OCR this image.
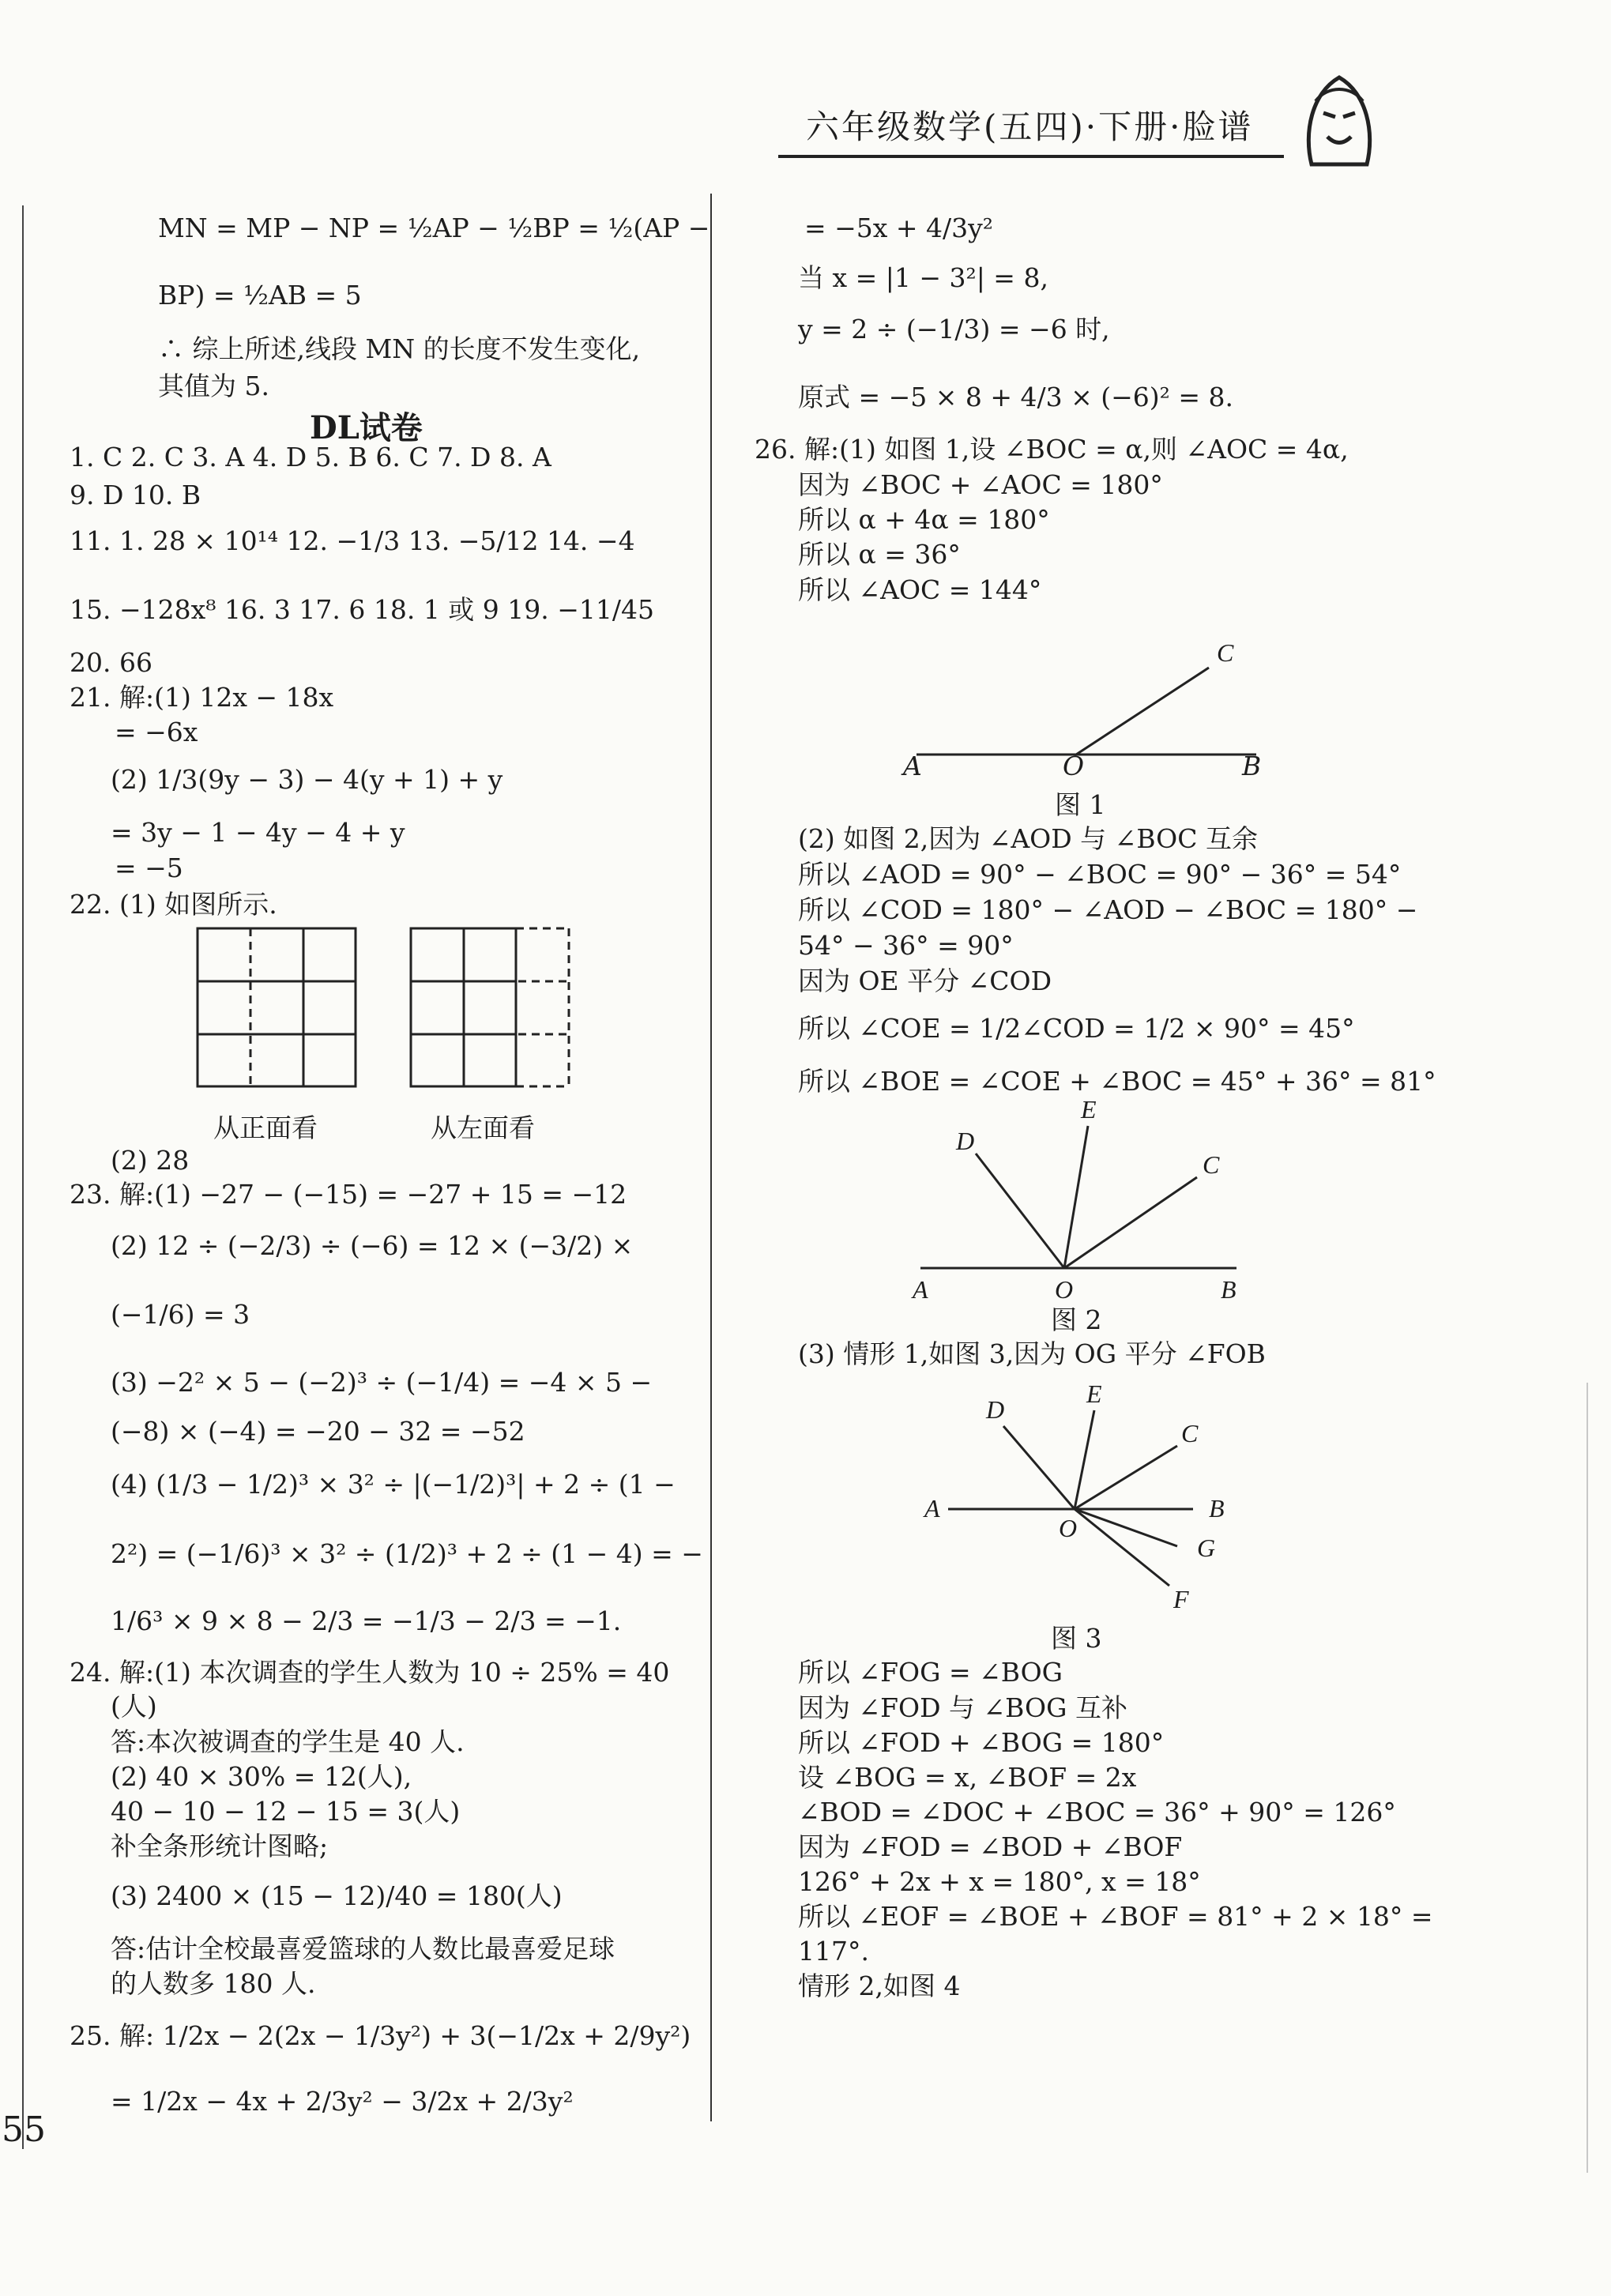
六年级数学(五四)·下册·脸谱
MN = MP − NP = ½AP − ½BP = ½(AP −
BP) = ½AB = 5
∴ 综上所述,线段 MN 的长度不发生变化,
其值为 5.
DL试卷
1. C 2. C 3. A 4. D 5. B 6. C 7. D 8. A
9. D 10. B
11. 1. 28 × 10¹⁴ 12. −1/3 13. −5/12 14. −4
15. −128x⁸ 16. 3 17. 6 18. 1 或 9 19. −11/45
20. 66
21. 解:(1) 12x − 18x
= −6x
(2) 1/3(9y − 3) − 4(y + 1) + y
= 3y − 1 − 4y − 4 + y
= −5
22. (1) 如图所示.
从正面看	从左面看
(2) 28
23. 解:(1) −27 − (−15) = −27 + 15 = −12
(2) 12 ÷ (−2/3) ÷ (−6) = 12 × (−3/2) ×
(−1/6) = 3
(3) −2² × 5 − (−2)³ ÷ (−1/4) = −4 × 5 −
(−8) × (−4) = −20 − 32 = −52
(4) (1/3 − 1/2)³ × 3² ÷ |(−1/2)³| + 2 ÷ (1 −
2²) = (−1/6)³ × 3² ÷ (1/2)³ + 2 ÷ (1 − 4) = −
1/6³ × 9 × 8 − 2/3 = −1/3 − 2/3 = −1.
24. 解:(1) 本次调查的学生人数为 10 ÷ 25% = 40
(人)
答:本次被调查的学生是 40 人.
(2) 40 × 30% = 12(人),
40 − 10 − 12 − 15 = 3(人)
补全条形统计图略;
(3) 2400 × (15 − 12)/40 = 180(人)
答:估计全校最喜爱篮球的人数比最喜爱足球
的人数多 180 人.
25. 解: 1/2x − 2(2x − 1/3y²) + 3(−1/2x + 2/9y²)
= 1/2x − 4x + 2/3y² − 3/2x + 2/3y²
55
= −5x + 4/3y²
当 x = |1 − 3²| = 8,
y = 2 ÷ (−1/3) = −6 时,
原式 = −5 × 8 + 4/3 × (−6)² = 8.
26. 解:(1) 如图 1,设 ∠BOC = α,则 ∠AOC = 4α,
因为 ∠BOC + ∠AOC = 180°
所以 α + 4α = 180°
所以 α = 36°
所以 ∠AOC = 144°
C
A	O	B
图 1
(2) 如图 2,因为 ∠AOD 与 ∠BOC 互余
所以 ∠AOD = 90° − ∠BOC = 90° − 36° = 54°
所以 ∠COD = 180° − ∠AOD − ∠BOC = 180° −
54° − 36° = 90°
因为 OE 平分 ∠COD
所以 ∠COE = 1/2∠COD = 1/2 × 90° = 45°
所以 ∠BOE = ∠COE + ∠BOC = 45° + 36° = 81°
D
E
C
A	O	B
图 2
(3) 情形 1,如图 3,因为 OG 平分 ∠FOB
D
E
C
A	B
O
G
F
图 3
所以 ∠FOG = ∠BOG
因为 ∠FOD 与 ∠BOG 互补
所以 ∠FOD + ∠BOG = 180°
设 ∠BOG = x, ∠BOF = 2x
∠BOD = ∠DOC + ∠BOC = 36° + 90° = 126°
因为 ∠FOD = ∠BOD + ∠BOF
126° + 2x + x = 180°, x = 18°
所以 ∠EOF = ∠BOE + ∠BOF = 81° + 2 × 18° =
117°.
情形 2,如图 4
